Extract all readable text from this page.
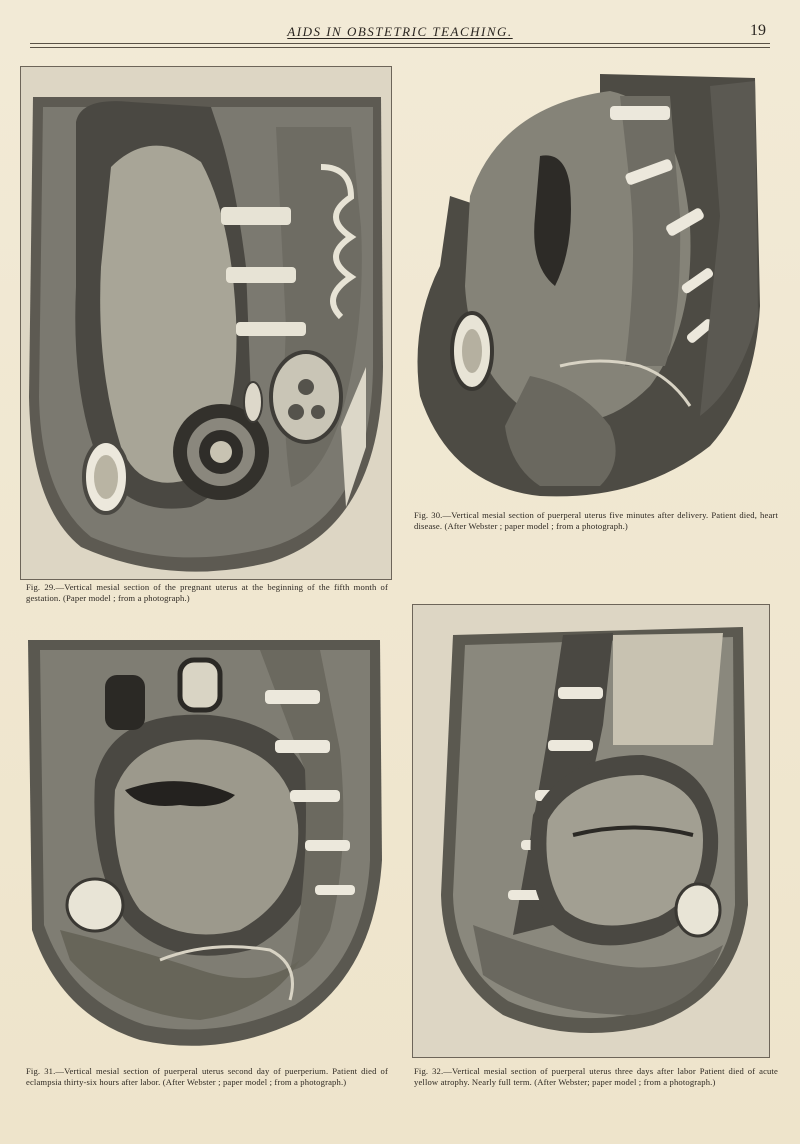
AIDS IN OBSTETRIC TEACHING.	19
Fig. 29.—Vertical mesial section of the pregnant uterus at the beginning of the fifth month of gestation. (Paper model ; from a photograph.)
Fig. 30.—Vertical mesial section of puerperal uterus five minutes after delivery. Patient died, heart disease. (After Webster ; paper model ; from a photograph.)
Fig. 31.—Vertical mesial section of puerperal uterus second day of puerperium. Patient died of eclampsia thirty-six hours after labor. (After Webster ; paper model ; from a photograph.)
Fig. 32.—Vertical mesial section of puerperal uterus three days after labor Patient died of acute yellow atrophy. Nearly full term. (After Webster; paper model ; from a photograph.)
